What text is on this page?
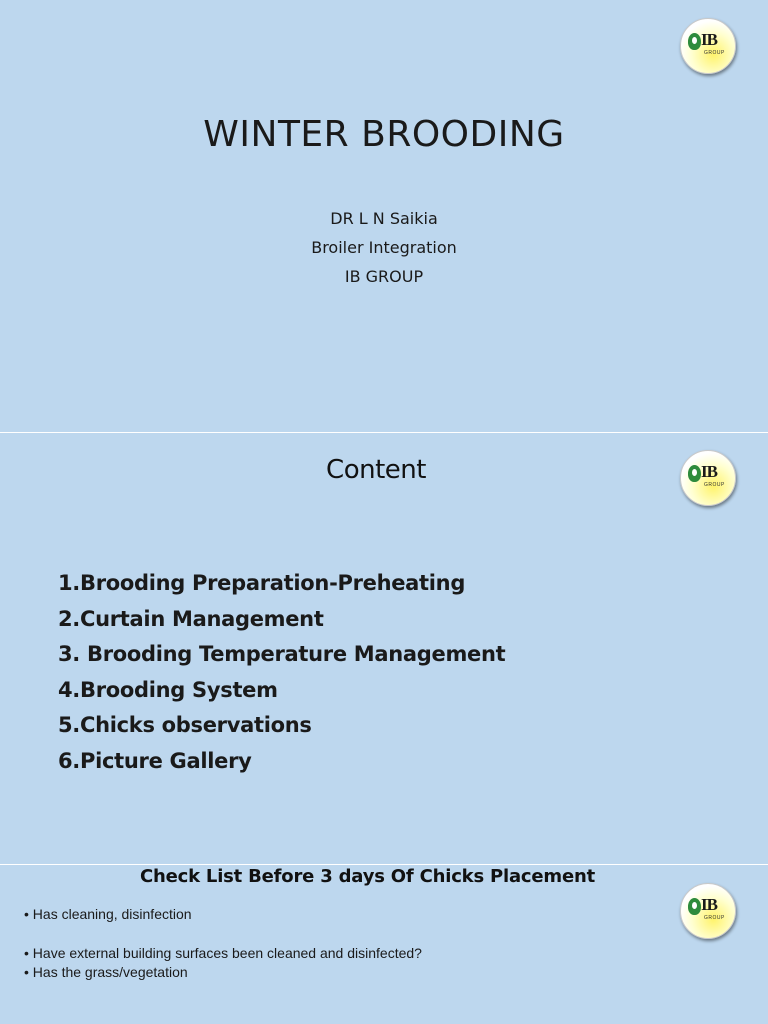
IB
GROUP
WINTER BROODING
DR L N Saikia
Broiler Integration
IB GROUP
IB
GROUP
Content
1.Brooding Preparation-Preheating
2.Curtain Management
3. Brooding Temperature Management
4.Brooding System
5.Chicks observations
6.Picture Gallery
Check List Before 3 days Of Chicks Placement
IB
GROUP
• Has cleaning, disinfection
• Have external building surfaces been cleaned and disinfected?
• Has the grass/vegetation
